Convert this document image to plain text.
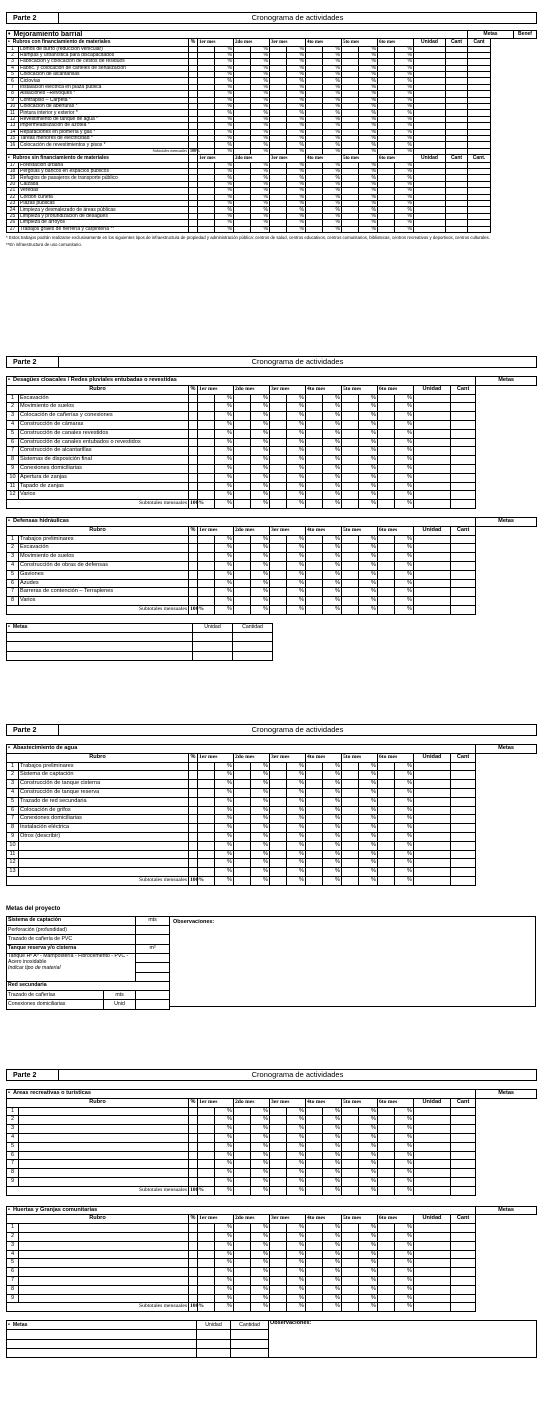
Parte 2	Cronograma de actividades
• Mejoramiento barrial																	Metas	Benef
• Rubros con financiamiento de materiales		%	1er mes		2do mes		3er mes		4to mes		5to mes		6to mes		Unidad	Cant	Cant	
1	Lomos de burro (reducción vehicular)			%		%		%		%		%		%				
2	Rampas y urbanística para discapacitados			%		%		%		%		%		%				
3	Fabricación y colocación de cestos de residuos			%		%		%		%		%		%				
4	Fabric. y colocación de carteles de señalización			%		%		%		%		%		%				
5	Colocación de alcantarillas			%		%		%		%		%		%				
6	Ciclovías			%		%		%		%		%		%				
7	Instalación eléctrica en plaza pública			%		%		%		%		%		%				
8	Aislaciones –Revoques *			%		%		%		%		%		%				
9	Contrapiso – Carpeta *			%		%		%		%		%		%				
10	Colocación de aberturas *			%		%		%		%		%		%				
11	Pintura interior y exterior *			%		%		%		%		%		%				
12	Revestimiento de tanque de agua *			%		%		%		%		%		%				
13	Impermeabilización de azotea *			%		%		%		%		%		%				
14	Reparaciones en plomería y gas *			%		%		%		%		%		%				
15	Tareas menores de electricidad *			%		%		%		%		%		%				
16	Colocación de revestimientos y pisos *			%		%		%		%		%		%				
Subtotales mensuales		100%		%		%		%		%		%		%				
• Rubros sin financiamiento de materiales			1er mes		2do mes		3er mes		4to mes		5to mes		6to mes		Unidad	Cant	Cant.	
17	Forestación urbana			%		%		%		%		%		%				
18	Pérgolas y bancos en espacios públicos			%		%		%		%		%		%				
19	Refugios de pasajeros de transporte público			%		%		%		%		%		%				
20	Calzada			%		%		%		%		%		%				
21	Veredas			%		%		%		%		%		%				
22	Cordón cuneta			%		%		%		%		%		%				
23	Plazas públicas			%		%		%		%		%		%				
24	Limpieza y desmalezado de áreas públicas			%		%		%		%		%		%				
25	Limpieza y profundización de desagües			%		%		%		%		%		%				
26	Limpieza de arroyos			%		%		%		%		%		%				
27	Trabajos grales de herrería y carpintería **			%		%		%		%		%		%				
* Estos trabajos podrán realizarse exclusivamente en los siguientes tipos de infraestructura de propiedad y administración pública: centros de salud, centros educativos, centros comunitarios, bibliotecas, centros recreativos y deportivos, centros culturales.
**En infraestructura de uso comunitario.
Parte 2	Cronograma de actividades
• Desagües cloacales / Redes pluviales entubadas o revestidas																	Metas
Rubro		%	1er mes		2do mes		3er mes		4to mes		5to mes		6to mes		Unidad	Cant	
1	Excavación			%		%		%		%		%		%			
2	Movimiento de suelos			%		%		%		%		%		%			
3	Colocación de cañerías y conexiones			%		%		%		%		%		%			
4	Construcción de cámaras			%		%		%		%		%		%			
5	Construcción de canales revestidos			%		%		%		%		%		%			
6	Construcción de canales entubados o revestidos			%		%		%		%		%		%			
7	Construcción de alcantarillas			%		%		%		%		%		%			
8	Sistemas de disposición final			%		%		%		%		%		%			
9	Conexiones domiciliarias			%		%		%		%		%		%			
10	Apertura de zanjas			%		%		%		%		%		%			
11	Tapado de zanjas			%		%		%		%		%		%			
12	Varios			%		%		%		%		%		%			
Subtotales mensuales		100%		%		%		%		%		%		%			
• Defensas hidráulicas																	Metas
Rubro		%	1er mes		2do mes		3er mes		4to mes		5to mes		6to mes		Unidad	Cant	
1	Trabajos preliminares			%		%		%		%		%		%			
2	Excavación			%		%		%		%		%		%			
3	Movimiento de suelos			%		%		%		%		%		%			
4	Construcción de obras de defensas			%		%		%		%		%		%			
5	Gaviones			%		%		%		%		%		%			
6	Azudes			%		%		%		%		%		%			
7	Barreras de contención – Terraplenes			%		%		%		%		%		%			
8	Varios			%		%		%		%		%		%			
Subtotales mensuales		100%		%		%		%		%		%		%			
• Metas	Unidad	Cantidad

Parte 2	Cronograma de actividades
• Abastecimiento de agua																	Metas
Rubro		%	1er mes		2do mes		3er mes		4to mes		5to mes		6to mes		Unidad	Cant	
1	Trabajos preliminares			%		%		%		%		%		%			
2	Sistema de captación			%		%		%		%		%		%			
3	Construcción de tanque cisterna			%		%		%		%		%		%			
4	Construcción de tanque reserva			%		%		%		%		%		%			
5	Trazado de red secundaria			%		%		%		%		%		%			
6	Colocación de grifos			%		%		%		%		%		%			
7	Conexiones domiciliarias			%		%		%		%		%		%			
8	Instalación eléctrica			%		%		%		%		%		%			
9	Otros (describir)			%		%		%		%		%		%			
10				%		%		%		%		%		%			
11				%		%		%		%		%		%			
12				%		%		%		%		%		%			
13				%		%		%		%		%		%			
Subtotales mensuales		100%		%		%		%		%		%		%			
Metas del proyecto
Sistema de captación		mts
Perforación (profundidad)		
Trazado de cañería de PVC		
Tanque reserva y/o cisterna		m³
Tanque Hº Aº - Mampostería - Fibrocemento - PVC - Acero inoxidable
Indicar tipo de material		

Red secundaria		
Trazado de cañerías	mts	
Conexiones domiciliarias	Unid	
Observaciones:
Parte 2	Cronograma de actividades
• Areas recreativas o turísticas																	Metas
Rubro		%	1er mes		2do mes		3er mes		4to mes		5to mes		6to mes		Unidad	Cant	
1				%		%		%		%		%		%			
2				%		%		%		%		%		%			
3				%		%		%		%		%		%			
4				%		%		%		%		%		%			
5				%		%		%		%		%		%			
6				%		%		%		%		%		%			
7				%		%		%		%		%		%			
8				%		%		%		%		%		%			
9				%		%		%		%		%		%			
Subtotales mensuales		100%		%		%		%		%		%		%			
• Huertas y Granjas comunitarias																	Metas
Rubro		%	1er mes		2do mes		3er mes		4to mes		5to mes		6to mes		Unidad	Cant	
1				%		%		%		%		%		%			
2				%		%		%		%		%		%			
3				%		%		%		%		%		%			
4				%		%		%		%		%		%			
5				%		%		%		%		%		%			
6				%		%		%		%		%		%			
7				%		%		%		%		%		%			
8				%		%		%		%		%		%			
9				%		%		%		%		%		%			
Subtotales mensuales		100%		%		%		%		%		%		%			
• Metas	Unidad	Cantidad	Observaciones:
